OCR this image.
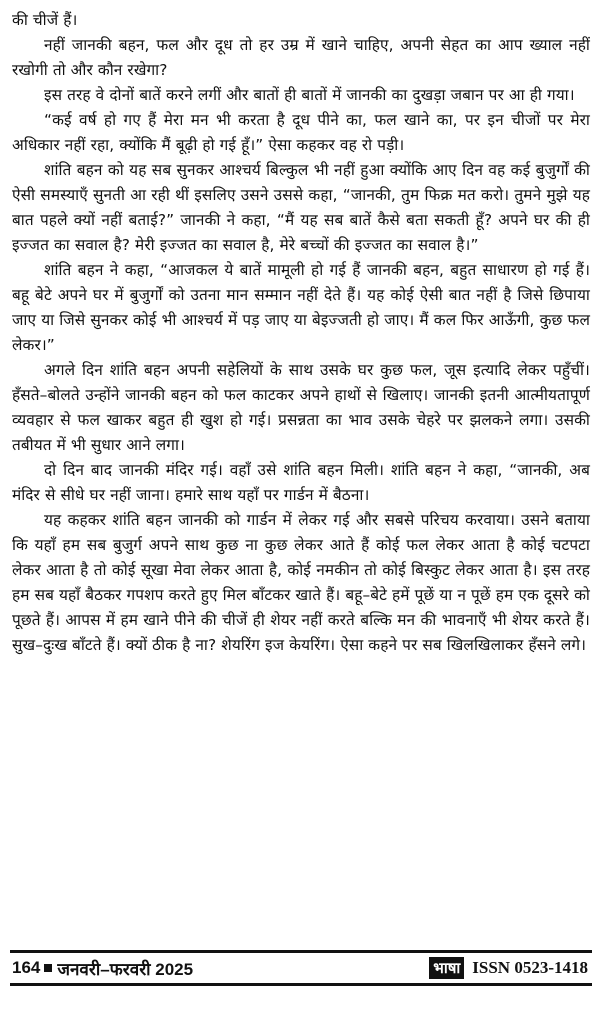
की चीजें हैं।

नहीं जानकी बहन, फल और दूध तो हर उम्र में खाने चाहिए, अपनी सेहत का आप ख्याल नहीं रखोगी तो और कौन रखेगा?

इस तरह वे दोनों बातें करने लगीं और बातों ही बातों में जानकी का दुखड़ा जबान पर आ ही गया।

“कई वर्ष हो गए हैं मेरा मन भी करता है दूध पीने का, फल खाने का, पर इन चीजों पर मेरा अधिकार नहीं रहा, क्योंकि मैं बूढ़ी हो गई हूँ।” ऐसा कहकर वह रो पड़ी।

शांति बहन को यह सब सुनकर आश्चर्य बिल्कुल भी नहीं हुआ क्योंकि आए दिन वह कई बुजुर्गों की ऐसी समस्याएँ सुनती आ रही थीं इसलिए उसने उससे कहा, “जानकी, तुम फिक्र मत करो। तुमने मुझे यह बात पहले क्यों नहीं बताई?” जानकी ने कहा, “मैं यह सब बातें कैसे बता सकती हूँ? अपने घर की ही इज्जत का सवाल है? मेरी इज्जत का सवाल है, मेरे बच्चों की इज्जत का सवाल है।”

शांति बहन ने कहा, “आजकल ये बातें मामूली हो गई हैं जानकी बहन, बहुत साधारण हो गई हैं। बहू बेटे अपने घर में बुजुर्गों को उतना मान सम्मान नहीं देते हैं। यह कोई ऐसी बात नहीं है जिसे छिपाया जाए या जिसे सुनकर कोई भी आश्चर्य में पड़ जाए या बेइज्जती हो जाए। मैं कल फिर आऊँगी, कुछ फल लेकर।”

अगले दिन शांति बहन अपनी सहेलियों के साथ उसके घर कुछ फल, जूस इत्यादि लेकर पहुँचीं। हँसते–बोलते उन्होंने जानकी बहन को फल काटकर अपने हाथों से खिलाए। जानकी इतनी आत्मीयतापूर्ण व्यवहार से फल खाकर बहुत ही खुश हो गई। प्रसन्नता का भाव उसके चेहरे पर झलकने लगा। उसकी तबीयत में भी सुधार आने लगा।

दो दिन बाद जानकी मंदिर गई। वहाँ उसे शांति बहन मिली। शांति बहन ने कहा, “जानकी, अब मंदिर से सीधे घर नहीं जाना। हमारे साथ यहाँ पर गार्डन में बैठना।

यह कहकर शांति बहन जानकी को गार्डन में लेकर गई और सबसे परिचय करवाया। उसने बताया कि यहाँ हम सब बुजुर्ग अपने साथ कुछ ना कुछ लेकर आते हैं कोई फल लेकर आता है कोई चटपटा लेकर आता है तो कोई सूखा मेवा लेकर आता है, कोई नमकीन तो कोई बिस्कुट लेकर आता है। इस तरह हम सब यहाँ बैठकर गपशप करते हुए मिल बाँटकर खाते हैं। बहू–बेटे हमें पूछें या न पूछें हम एक दूसरे को पूछते हैं। आपस में हम खाने पीने की चीजें ही शेयर नहीं करते बल्कि मन की भावनाएँ भी शेयर करते हैं। सुख–दुःख बाँटते हैं। क्यों ठीक है ना? शेयरिंग इज केयरिंग। ऐसा कहने पर सब खिलखिलाकर हँसने लगे।

164 जनवरी–फरवरी 2025	भाषा ISSN 0523-1418
